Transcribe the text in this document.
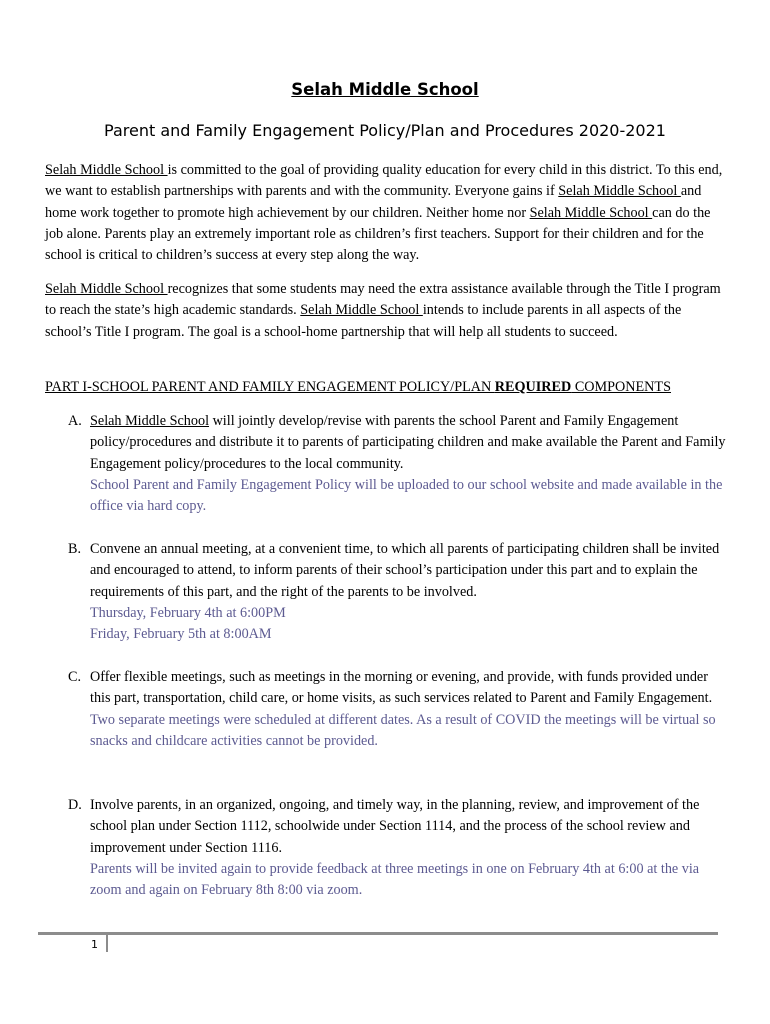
Selah Middle School
Parent and Family Engagement Policy/Plan and Procedures 2020-2021

Selah Middle School is committed to the goal of providing quality education for every child in this district. To this end, we want to establish partnerships with parents and with the community. Everyone gains if Selah Middle School and home work together to promote high achievement by our children. Neither home nor Selah Middle School can do the job alone. Parents play an extremely important role as children’s first teachers. Support for their children and for the school is critical to children’s success at every step along the way.

Selah Middle School recognizes that some students may need the extra assistance available through the Title I program to reach the state’s high academic standards. Selah Middle School intends to include parents in all aspects of the school’s Title I program. The goal is a school-home partnership that will help all students to succeed.

PART I-SCHOOL PARENT AND FAMILY ENGAGEMENT POLICY/PLAN REQUIRED COMPONENTS
A. Selah Middle School will jointly develop/revise with parents the school Parent and Family Engagement policy/procedures and distribute it to parents of participating children and make available the Parent and Family Engagement policy/procedures to the local community.
School Parent and Family Engagement Policy will be uploaded to our school website and made available in the office via hard copy.
B. Convene an annual meeting, at a convenient time, to which all parents of participating children shall be invited and encouraged to attend, to inform parents of their school’s participation under this part and to explain the requirements of this part, and the right of the parents to be involved.
Thursday, February 4th at 6:00PM
Friday, February 5th at 8:00AM
C. Offer flexible meetings, such as meetings in the morning or evening, and provide, with funds provided under this part, transportation, child care, or home visits, as such services related to Parent and Family Engagement.
Two separate meetings were scheduled at different dates. As a result of COVID the meetings will be virtual so snacks and childcare activities cannot be provided.
D. Involve parents, in an organized, ongoing, and timely way, in the planning, review, and improvement of the school plan under Section 1112, schoolwide under Section 1114, and the process of the school review and improvement under Section 1116.
Parents will be invited again to provide feedback at three meetings in one on February 4th at 6:00 at the via zoom and again on February 8th 8:00 via zoom.
1
